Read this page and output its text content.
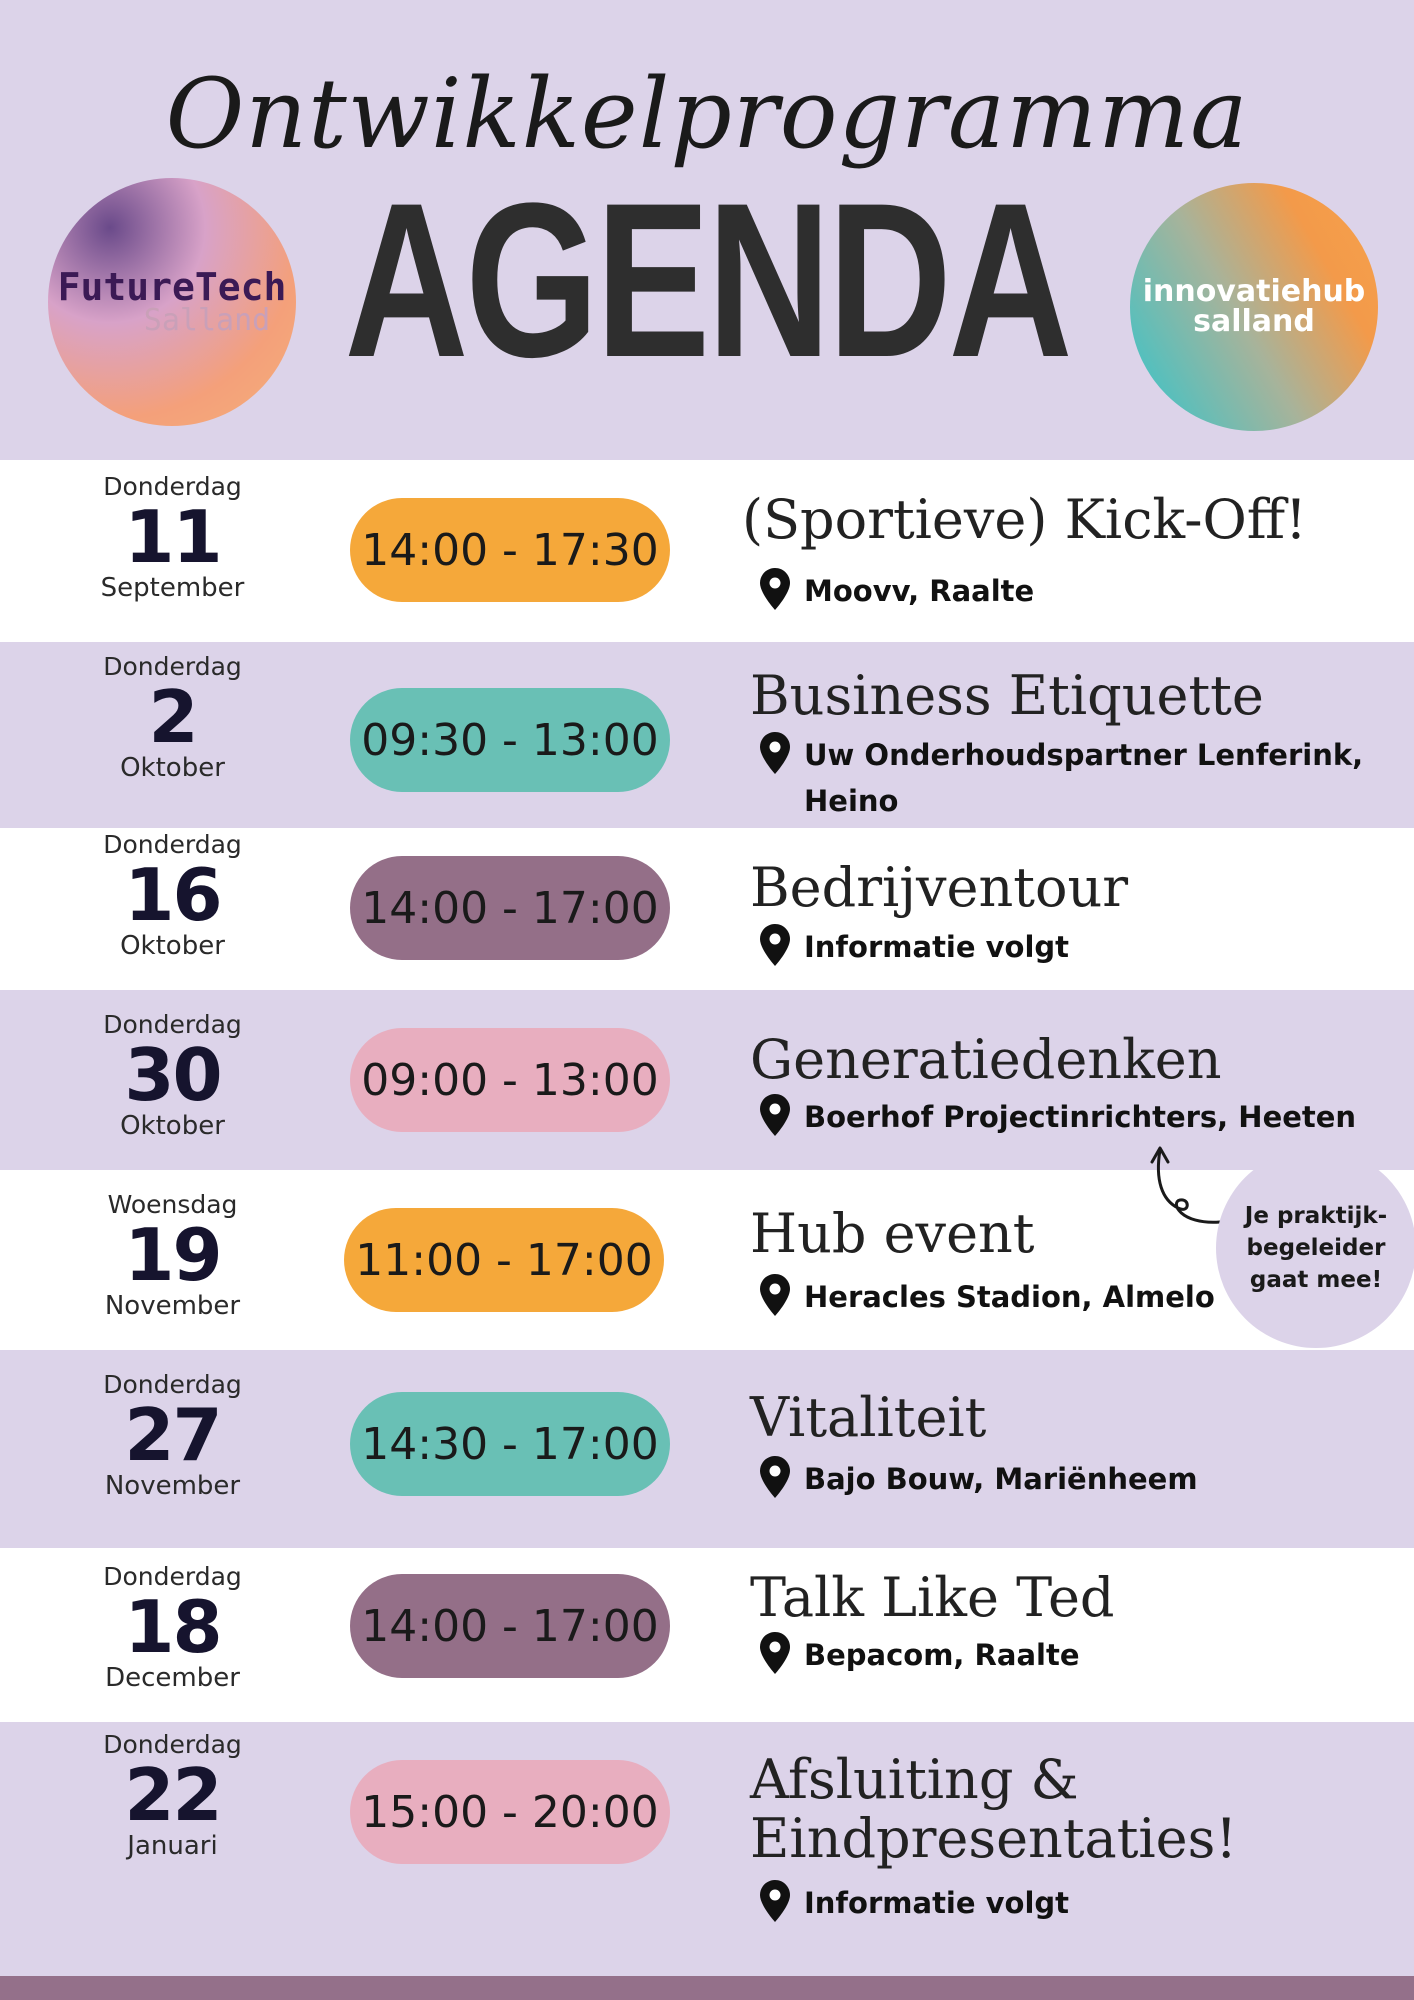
Ontwikkelprogramma
AGENDA
FutureTech
Salland
innovatiehub
salland
Donderdag
11
September
14:00 - 17:30 (Sportieve) Kick-Off!
Moovv, Raalte
Donderdag
2
Oktober
09:30 - 13:00
Business Etiquette
Uw Onderhoudspartner Lenferink,
Heino
Donderdag
16
Oktober
14:00 - 17:00 Bedrijventour
Informatie volgt
Donderdag
30
Oktober
09:00 - 13:00 Generatiedenken
Boerhof Projectinrichters, Heeten
Woensdag
19
November
11:00 - 17:00 Hub event
Heracles Stadion, Almelo
Donderdag
27
November
14:30 - 17:00 Vitaliteit
Bajo Bouw, Mariënheem
Donderdag
18
December
14:00 - 17:00 Talk Like Ted
Bepacom, Raalte
Donderdag
22
Januari
15:00 - 20:00
Afsluiting &
Eindpresentaties!
Informatie volgt
Je praktijk-begeleider gaat mee!
